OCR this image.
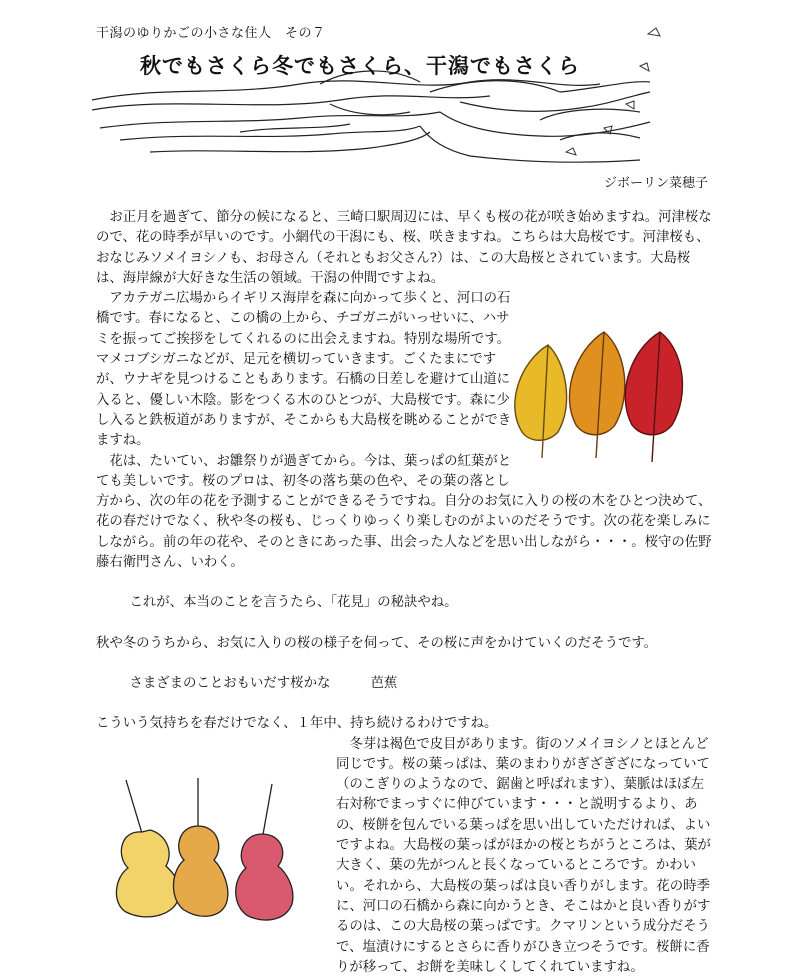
干潟のゆりかごの小さな住人　その７
秋でもさくら冬でもさくら、干潟でもさくら
ジボーリン菜穂子

お正月を過ぎて、節分の候になると、三崎口駅周辺には、早くも桜の花が咲き始めますね。河津桜なので、花の時季が早いのです。小網代の干潟にも、桜、咲きますね。こちらは大島桜です。河津桜も、おなじみソメイヨシノも、お母さん（それともお父さん?）は、この大島桜とされています。大島桜は、海岸線が大好きな生活の領域。干潟の仲間ですよね。

アカテガニ広場からイギリス海岸を森に向かって歩くと、河口の石橋です。春になると、この橋の上から、チゴガニがいっせいに、ハサミを振ってご挨拶をしてくれるのに出会えますね。特別な場所です。マメコブシガニなどが、足元を横切っていきます。ごくたまにですが、ウナギを見つけることもあります。石橋の日差しを避けて山道に入ると、優しい木陰。影をつくる木のひとつが、大島桜です。森に少し入ると鉄板道がありますが、そこからも大島桜を眺めることができますね。

花は、たいてい、お雛祭りが過ぎてから。今は、葉っぱの紅葉がとても美しいです。桜のプロは、初冬の落ち葉の色や、その葉の落とし方から、次の年の花を予測することができるそうですね。自分のお気に入りの桜の木をひとつ決めて、花の春だけでなく、秋や冬の桜も、じっくりゆっくり楽しむのがよいのだそうです。次の花を楽しみにしながら。前の年の花や、そのときにあった事、出会った人などを思い出しながら・・・。桜守の佐野藤右衛門さん、いわく。

これが、本当のことを言うたら、「花見」の秘訣やね。

秋や冬のうちから、お気に入りの桜の様子を伺って、その桜に声をかけていくのだそうです。

さまざまのことおもいだす桜かな	芭蕉

こういう気持ちを春だけでなく、１年中、持ち続けるわけですね。

冬芽は褐色で皮目があります。街のソメイヨシノとほとんど同じです。桜の葉っぱは、葉のまわりがぎざぎざになっていて（のこぎりのようなので、鋸歯と呼ばれます）、葉脈はほぼ左右対称でまっすぐに伸びています・・・と説明するより、あの、桜餅を包んでいる葉っぱを思い出していただければ、よいですよね。大島桜の葉っぱがほかの桜とちがうところは、葉が大きく、葉の先がつんと長くなっているところです。かわいい。それから、大島桜の葉っぱは良い香りがします。花の時季に、河口の石橋から森に向かうとき、そこはかと良い香りがするのは、この大島桜の葉っぱです。クマリンという成分だそうで、塩漬けにするとさらに香りがひき立つそうです。桜餅に香りが移って、お餅を美味しくしてくれていますね。
